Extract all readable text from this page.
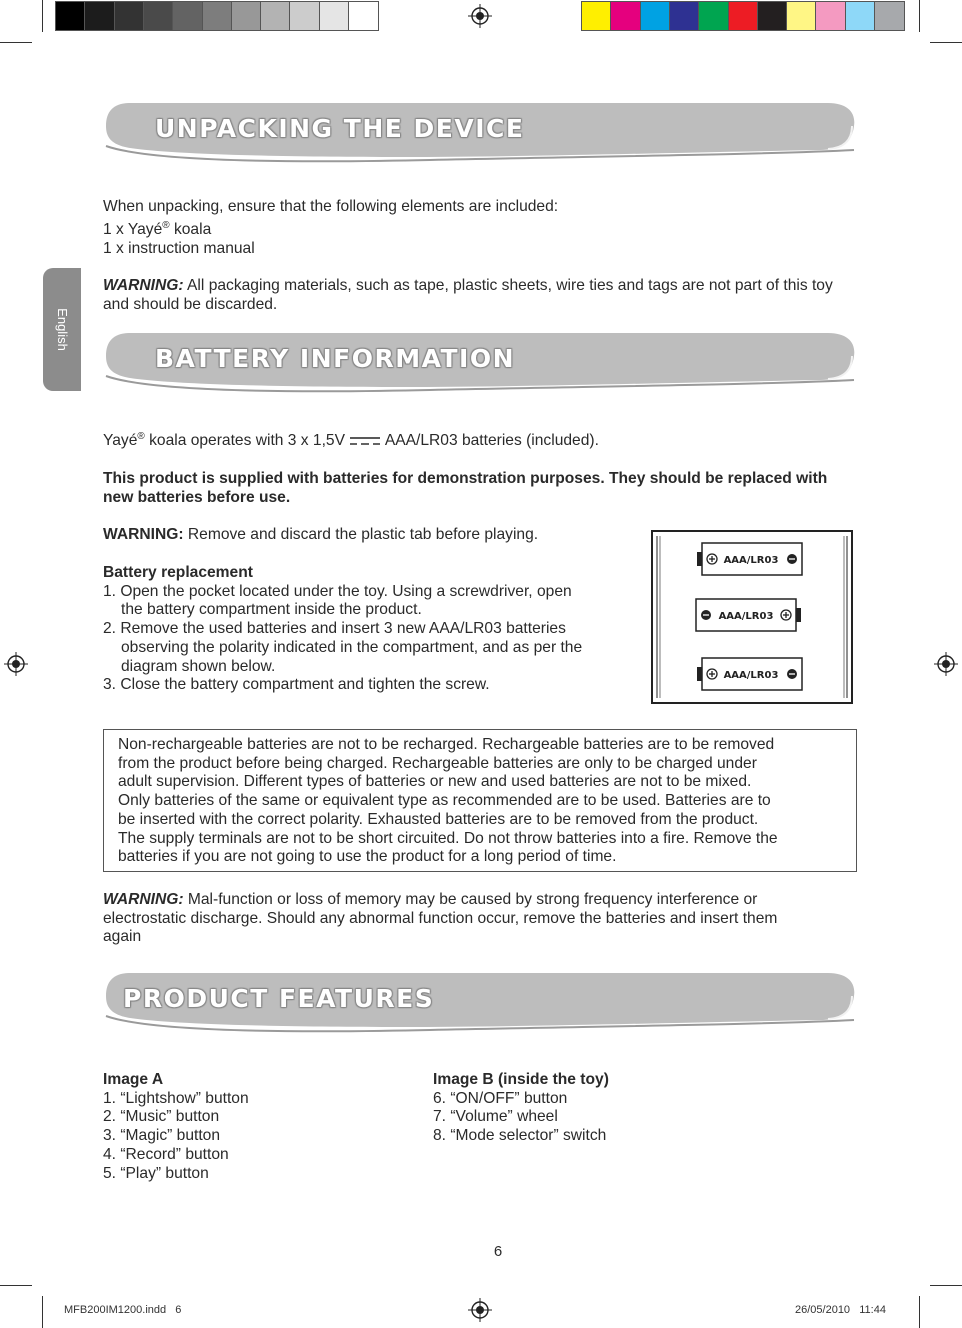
English
UNPACKING THE DEVICE
When unpacking, ensure that the following elements are included:
1 x Yayé® koala
1 x instruction manual
WARNING: All packaging materials, such as tape, plastic sheets, wire ties and tags are not part of this toy and should be discarded.
BATTERY INFORMATION
Yayé® koala operates with 3 x 1,5V  AAA/LR03 batteries (included).
This product is supplied with batteries for demonstration purposes. They should be replaced with new batteries before use.
WARNING: Remove and discard the plastic tab before playing.
Battery replacement
1. Open the pocket located under the toy. Using a screwdriver, open
the battery compartment inside the product.
2. Remove the used batteries and insert 3 new AAA/LR03 batteries
observing the polarity indicated in the compartment, and as per the
diagram shown below.
3. Close the battery compartment and tighten the screw.
AAA/LR03
AAA/LR03
AAA/LR03
Non-rechargeable batteries are not to be recharged. Rechargeable batteries are to be removed
from the product before being charged. Rechargeable batteries are only to be charged under
adult supervision. Different types of batteries or new and used batteries are not to be mixed.
Only batteries of the same or equivalent type as recommended are to be used. Batteries are to
be inserted with the correct polarity. Exhausted batteries are to be removed from the product.
The supply terminals are not to be short circuited. Do not throw batteries into a fire. Remove the
batteries if you are not going to use the product for a long period of time.
WARNING: Mal-function or loss of memory may be caused by strong frequency interference or
electrostatic discharge. Should any abnormal function occur, remove the batteries and insert them
again
PRODUCT FEATURES
Image A
1. “Lightshow” button
2. “Music” button
3. “Magic” button
4. “Record” button
5. “Play” button
Image B (inside the toy)
6. “ON/OFF” button
7. “Volume” wheel
8. “Mode selector” switch
6
MFB200IM1200.indd   6	26/05/2010   11:44
